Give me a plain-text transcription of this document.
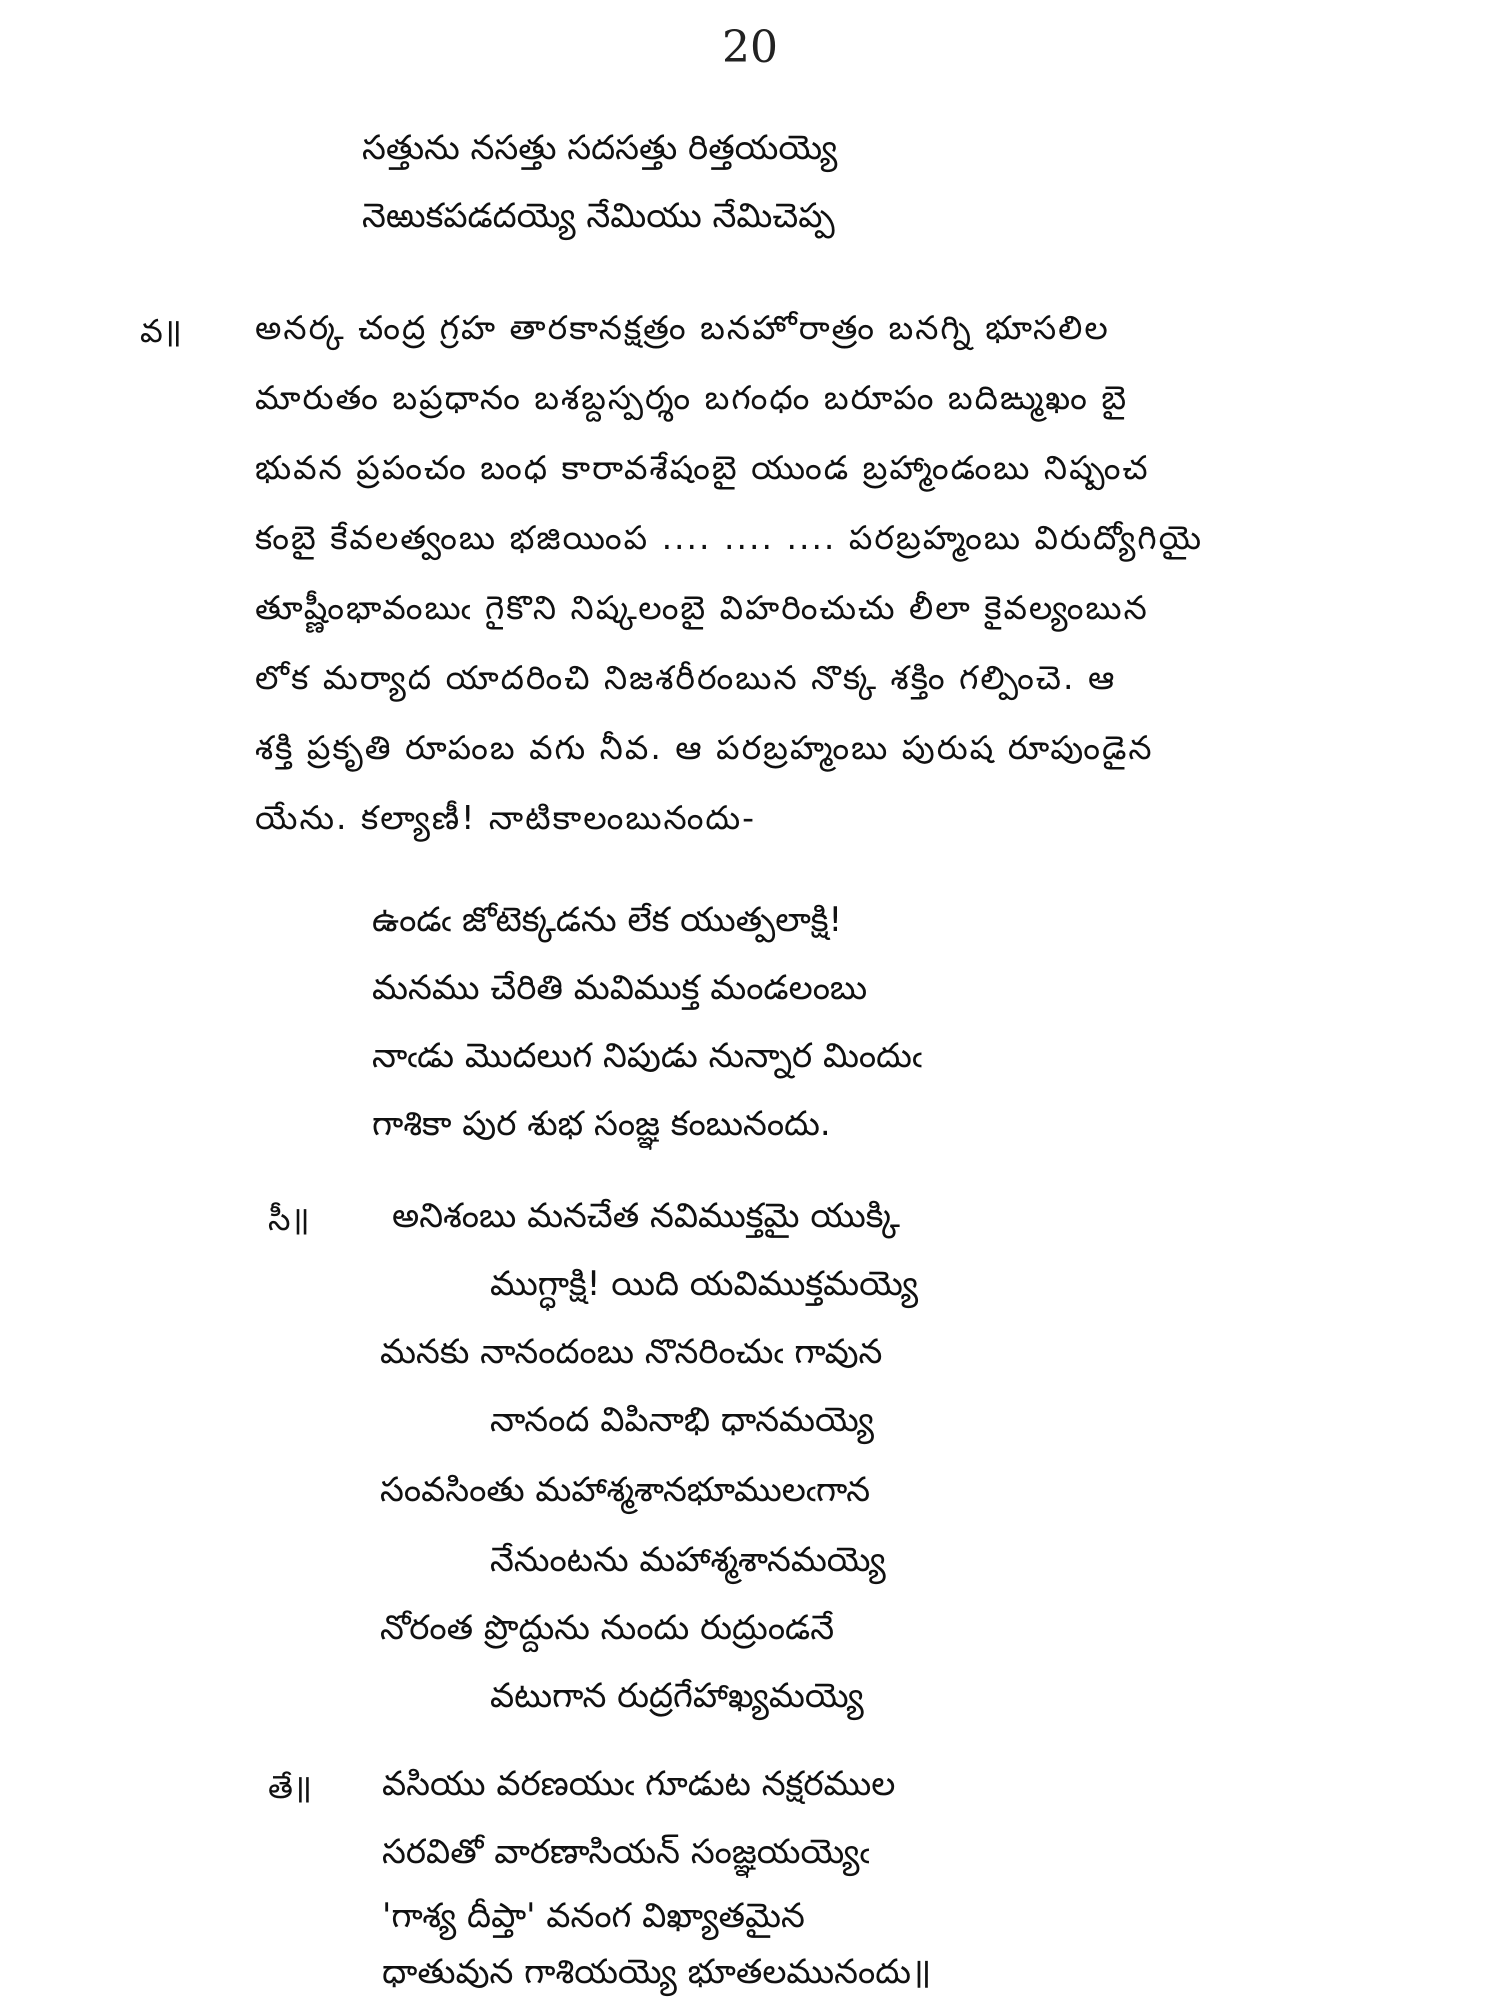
20
సత్తును నసత్తు సదసత్తు రిత్తయయ్యె
నెఱుకపడదయ్యె నేమియు నేమిచెప్ప
వ॥ అనర్క చంద్ర గ్రహ తారకానక్షత్రం బనహోరాత్రం బనగ్ని భూసలిల
మారుతం బప్రధానం బశబ్దస్పర్శం బగంధం బరూపం బదిఙ్ముఖం బై
భువన ప్రపంచం బంధ కారావశేషంబై యుండ బ్రహ్మాండంబు నిష్పంచ
కంబై కేవలత్వంబు భజియింప .... .... .... పరబ్రహ్మంబు విరుద్యోగియై
తూష్ణీంభావంబుఁ గైకొని నిష్కలంబై విహరించుచు లీలా కైవల్యంబున
లోక మర్యాద యాదరించి నిజశరీరంబున నొక్క శక్తిం గల్పించె. ఆ
శక్తి ప్రకృతి రూపంబ వగు నీవ. ఆ పరబ్రహ్మంబు పురుష రూపుండైన
యేను. కల్యాణీ! నాటికాలంబునందు-
ఉండఁ జోటెక్కడను లేక యుత్పలాక్షి!
మనము చేరితి మవిముక్త మండలంబు
నాఁడు మొదలుగ నిపుడు నున్నార మిందుఁ
గాశికా పుర శుభ సంజ్ఞ కంబునందు.
సీ॥ అనిశంబు మనచేత నవిముక్తమై యుక్కి
ముగ్ధాక్షి! యిది యవిముక్తమయ్యె
మనకు నానందంబు నొనరించుఁ గావున
నానంద విపినాభి ధానమయ్యె
సంవసింతు మహాశ్మశానభూములఁగాన
నేనుంటను మహాశ్మశానమయ్యె
నోరంత ప్రొద్దును నుందు రుద్రుండనే
వటుగాన రుద్రగేహాఖ్యమయ్యె
తే॥ వసియు వరణయుఁ గూడుట నక్షరముల
సరవితో వారణాసియన్ సంజ్ఞయయ్యెఁ
'గాశ్య దీప్తా' వనంగ విఖ్యాతమైన
ధాతువున గాశియయ్యె భూతలమునందు॥
